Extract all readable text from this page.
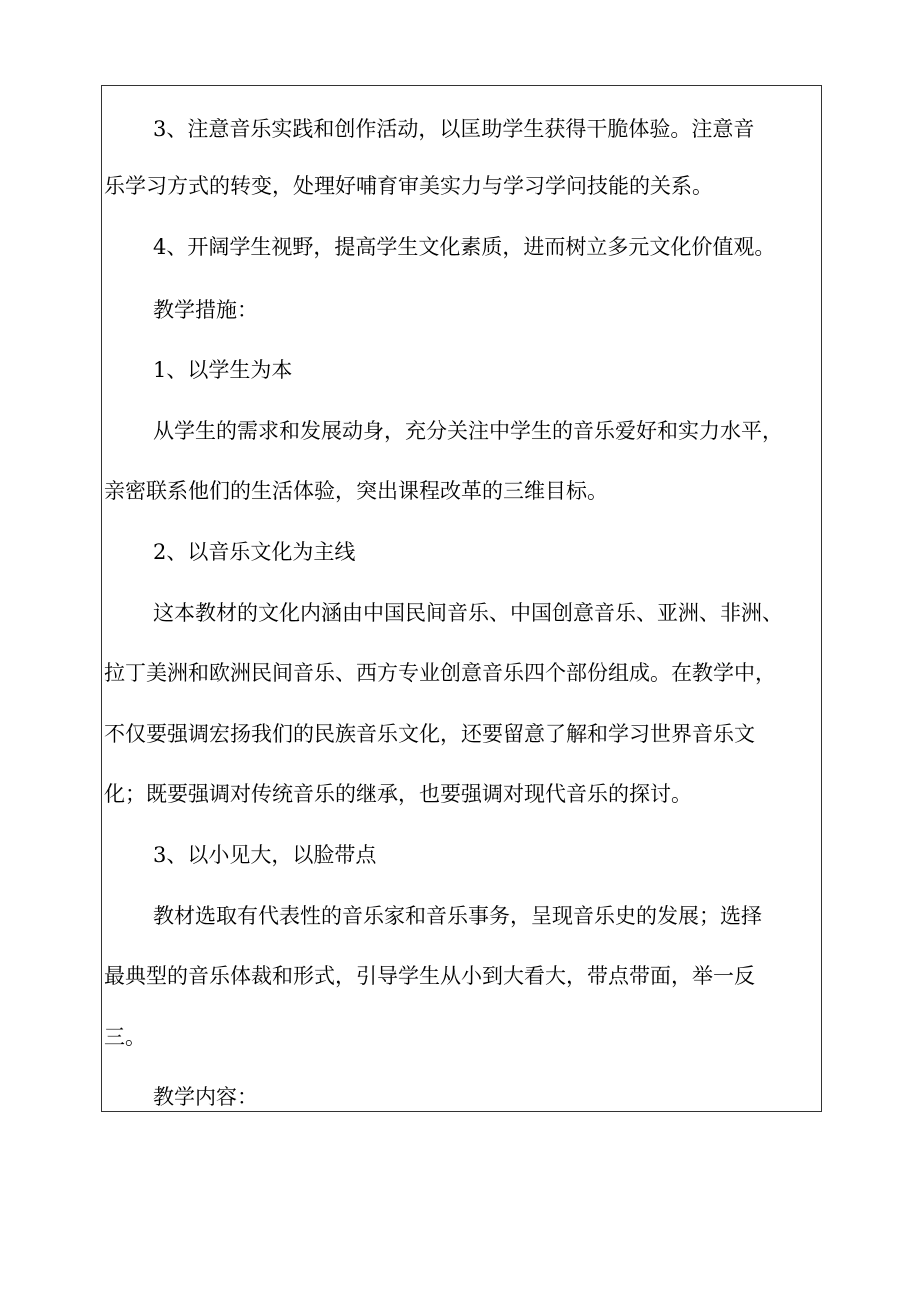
3、注意音乐实践和创作活动，以匡助学生获得干脆体验。注意音
乐学习方式的转变，处理好哺育审美实力与学习学问技能的关系。
4、开阔学生视野，提高学生文化素质，进而树立多元文化价值观。
教学措施：
1、以学生为本
从学生的需求和发展动身，充分关注中学生的音乐爱好和实力水平，
亲密联系他们的生活体验，突出课程改革的三维目标。
2、以音乐文化为主线
这本教材的文化内涵由中国民间音乐、中国创意音乐、亚洲、非洲、
拉丁美洲和欧洲民间音乐、西方专业创意音乐四个部份组成。在教学中，
不仅要强调宏扬我们的民族音乐文化，还要留意了解和学习世界音乐文
化；既要强调对传统音乐的继承，也要强调对现代音乐的探讨。
3、以小见大，以脸带点
教材选取有代表性的音乐家和音乐事务，呈现音乐史的发展；选择
最典型的音乐体裁和形式，引导学生从小到大看大，带点带面，举一反
三。
教学内容：
